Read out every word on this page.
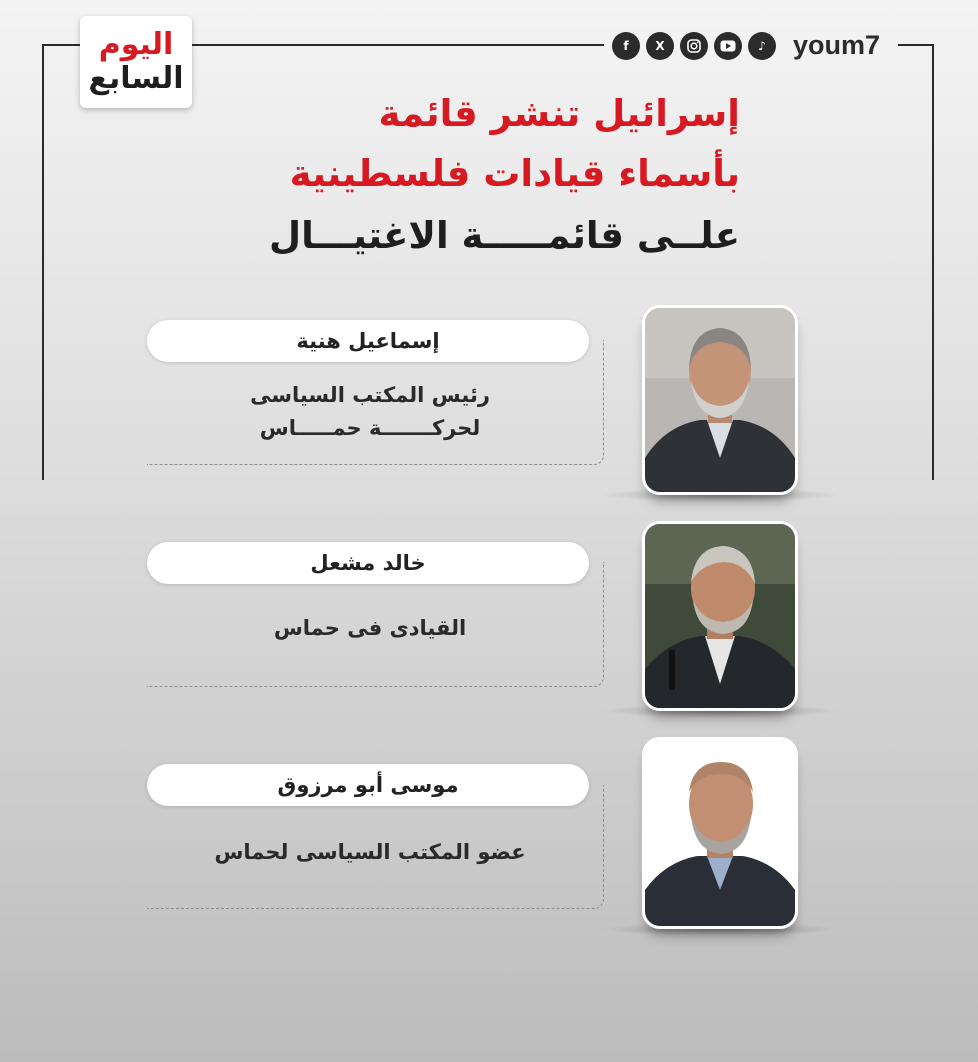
اليوم
السابع
f	X	♪	youm7
إسرائيل تنشر قائمة
بأسماء قيادات فلسطينية
علــى قائمـــــة الاغتيـــال
إسماعيل هنية
رئيس المكتب السياسى
لحركـــــــة حمـــــاس
خالد مشعل
القيادى فى حماس
موسى أبو مرزوق
عضو المكتب السياسى لحماس
